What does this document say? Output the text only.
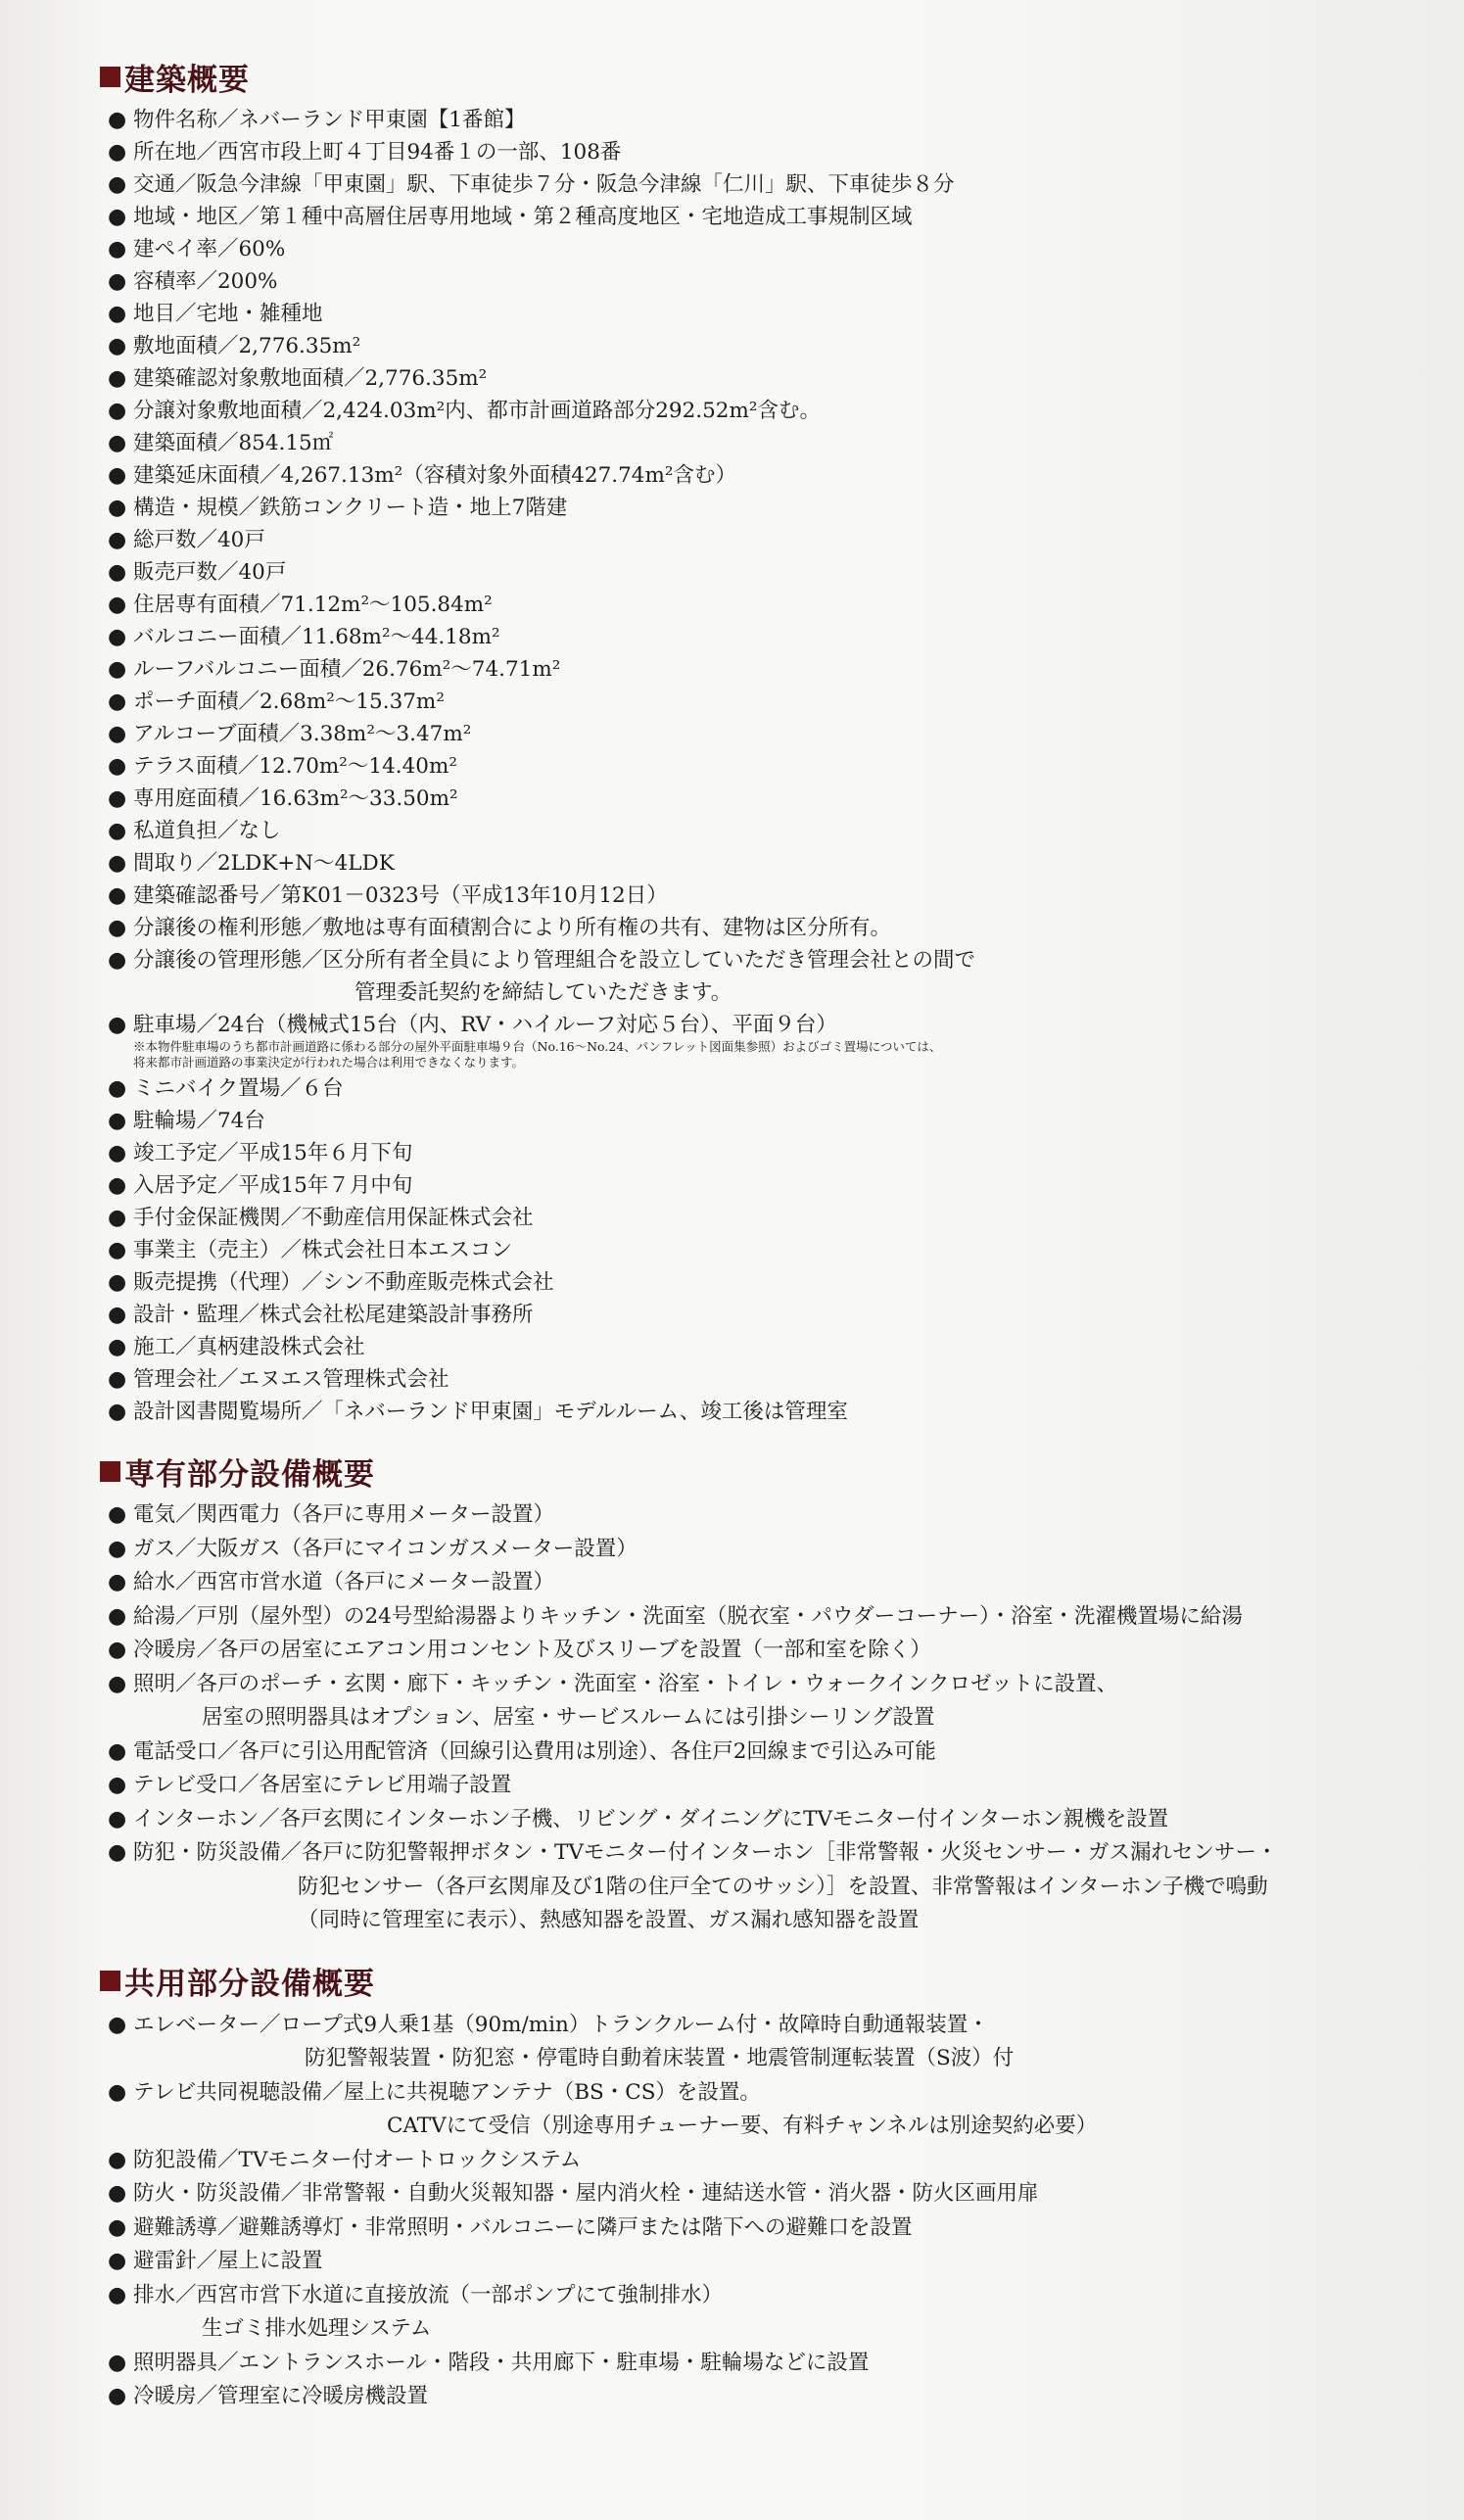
建築概要
● 物件名称／ネバーランド甲東園【1番館】
● 所在地／西宮市段上町４丁目94番１の一部、108番
● 交通／阪急今津線「甲東園」駅、下車徒歩７分・阪急今津線「仁川」駅、下車徒歩８分
● 地域・地区／第１種中高層住居専用地域・第２種高度地区・宅地造成工事規制区域
● 建ペイ率／60%
● 容積率／200%
● 地目／宅地・雑種地
● 敷地面積／2,776.35m²
● 建築確認対象敷地面積／2,776.35m²
● 分譲対象敷地面積／2,424.03m²内、都市計画道路部分292.52m²含む。
● 建築面積／854.15㎡
● 建築延床面積／4,267.13m²（容積対象外面積427.74m²含む）
● 構造・規模／鉄筋コンクリート造・地上7階建
● 総戸数／40戸
● 販売戸数／40戸
● 住居専有面積／71.12m²～105.84m²
● バルコニー面積／11.68m²～44.18m²
● ルーフバルコニー面積／26.76m²～74.71m²
● ポーチ面積／2.68m²～15.37m²
● アルコーブ面積／3.38m²～3.47m²
● テラス面積／12.70m²～14.40m²
● 専用庭面積／16.63m²～33.50m²
● 私道負担／なし
● 間取り／2LDK+N～4LDK
● 建築確認番号／第K01－0323号（平成13年10月12日）
● 分譲後の権利形態／敷地は専有面積割合により所有権の共有、建物は区分所有。
● 分譲後の管理形態／区分所有者全員により管理組合を設立していただき管理会社との間で
管理委託契約を締結していただきます。
● 駐車場／24台（機械式15台（内、RV・ハイルーフ対応５台）、平面９台）
※本物件駐車場のうち都市計画道路に係わる部分の屋外平面駐車場９台（No.16～No.24、パンフレット図面集参照）およびゴミ置場については、
将来都市計画道路の事業決定が行われた場合は利用できなくなります。
● ミニバイク置場／６台
● 駐輪場／74台
● 竣工予定／平成15年６月下旬
● 入居予定／平成15年７月中旬
● 手付金保証機関／不動産信用保証株式会社
● 事業主（売主）／株式会社日本エスコン
● 販売提携（代理）／シン不動産販売株式会社
● 設計・監理／株式会社松尾建築設計事務所
● 施工／真柄建設株式会社
● 管理会社／エヌエス管理株式会社
● 設計図書閲覧場所／「ネバーランド甲東園」モデルルーム、竣工後は管理室
専有部分設備概要
● 電気／関西電力（各戸に専用メーター設置）
● ガス／大阪ガス（各戸にマイコンガスメーター設置）
● 給水／西宮市営水道（各戸にメーター設置）
● 給湯／戸別（屋外型）の24号型給湯器よりキッチン・洗面室（脱衣室・パウダーコーナー）・浴室・洗濯機置場に給湯
● 冷暖房／各戸の居室にエアコン用コンセント及びスリーブを設置（一部和室を除く）
● 照明／各戸のポーチ・玄関・廊下・キッチン・洗面室・浴室・トイレ・ウォークインクロゼットに設置、
居室の照明器具はオプション、居室・サービスルームには引掛シーリング設置
● 電話受口／各戸に引込用配管済（回線引込費用は別途）、各住戸2回線まで引込み可能
● テレビ受口／各居室にテレビ用端子設置
● インターホン／各戸玄関にインターホン子機、リビング・ダイニングにTVモニター付インターホン親機を設置
● 防犯・防災設備／各戸に防犯警報押ボタン・TVモニター付インターホン［非常警報・火災センサー・ガス漏れセンサー・
防犯センサー（各戸玄関扉及び1階の住戸全てのサッシ）］を設置、非常警報はインターホン子機で鳴動
（同時に管理室に表示）、熱感知器を設置、ガス漏れ感知器を設置
共用部分設備概要
● エレベーター／ロープ式9人乗1基（90m/min）トランクルーム付・故障時自動通報装置・
防犯警報装置・防犯窓・停電時自動着床装置・地震管制運転装置（S波）付
● テレビ共同視聴設備／屋上に共視聴アンテナ（BS・CS）を設置。
CATVにて受信（別途専用チューナー要、有料チャンネルは別途契約必要）
● 防犯設備／TVモニター付オートロックシステム
● 防火・防災設備／非常警報・自動火災報知器・屋内消火栓・連結送水管・消火器・防火区画用扉
● 避難誘導／避難誘導灯・非常照明・バルコニーに隣戸または階下への避難口を設置
● 避雷針／屋上に設置
● 排水／西宮市営下水道に直接放流（一部ポンプにて強制排水）
生ゴミ排水処理システム
● 照明器具／エントランスホール・階段・共用廊下・駐車場・駐輪場などに設置
● 冷暖房／管理室に冷暖房機設置
